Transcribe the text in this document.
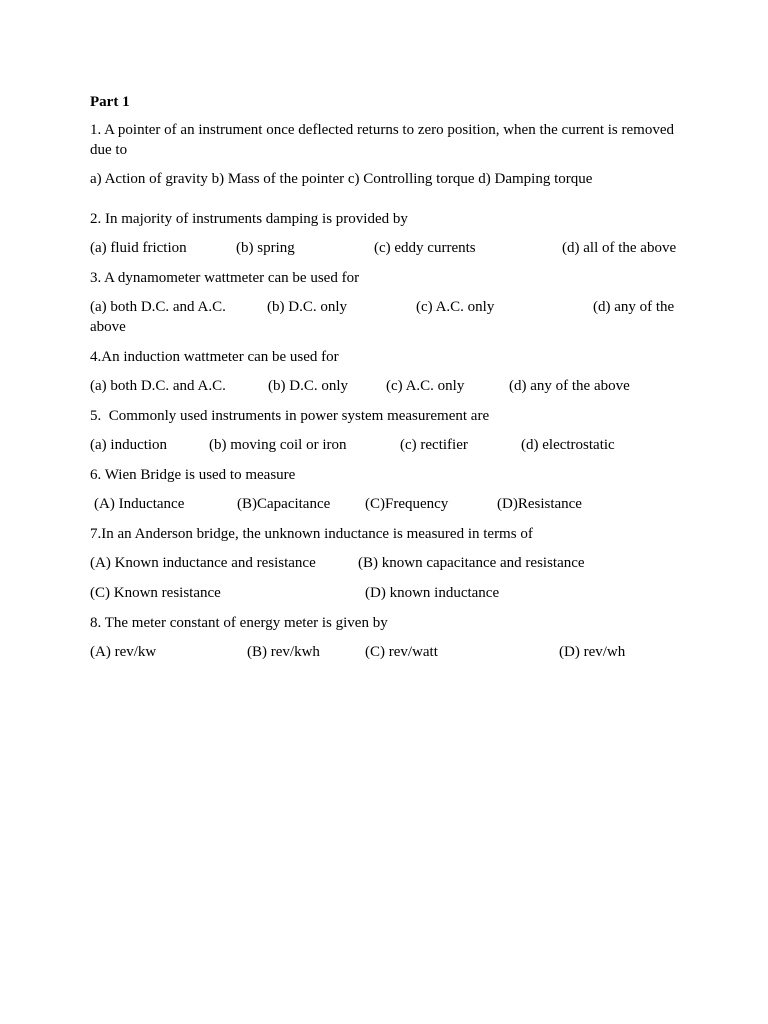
Part 1
1. A pointer of an instrument once deflected returns to zero position, when the current is removed due to
a) Action of gravity b) Mass of the pointer c) Controlling torque d) Damping torque
2. In majority of instruments damping is provided by
(a) fluid friction	(b) spring	(c) eddy currents	(d) all of the above
3. A dynamometer wattmeter can be used for
(a) both D.C. and A.C.	(b) D.C. only	(c) A.C. only	(d) any of the
above
4.An induction wattmeter can be used for
(a) both D.C. and A.C.	(b) D.C. only	(c) A.C. only	(d) any of the above
5.  Commonly used instruments in power system measurement are
(a) induction	(b) moving coil or iron	(c) rectifier	(d) electrostatic
6. Wien Bridge is used to measure
(A) Inductance	(B)Capacitance (C)Frequency	(D)Resistance
7.In an Anderson bridge, the unknown inductance is measured in terms of
(A) Known inductance and resistance	(B) known capacitance and resistance
(C) Known resistance	(D) known inductance
8. The meter constant of energy meter is given by
(A) rev/kw	(B) rev/kwh	(C) rev/watt	(D) rev/wh
